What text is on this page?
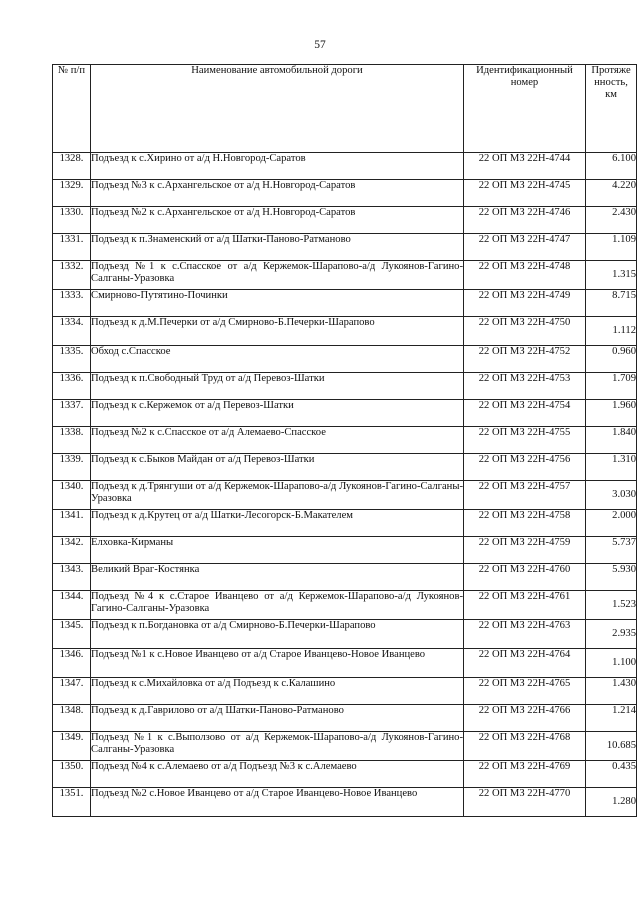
57
№ п/п	Наименование автомобильной дороги	Идентификационный номер	Протяже нность, км
1328.	Подъезд к с.Хирино от а/д Н.Новгород-Саратов	22 ОП МЗ 22Н-4744	6.100
1329.	Подъезд №3 к с.Архангельское от а/д Н.Новгород-Саратов	22 ОП МЗ 22Н-4745	4.220
1330.	Подъезд №2 к с.Архангельское от а/д Н.Новгород-Саратов	22 ОП МЗ 22Н-4746	2.430
1331.	Подъезд к п.Знаменский от а/д Шатки-Паново-Ратманово	22 ОП МЗ 22Н-4747	1.109
1332.	Подъезд №1 к с.Спасское от а/д Кержемок-Шарапово-а/д Лукоянов-Гагино-Салганы-Уразовка	22 ОП МЗ 22Н-4748	1.315
1333.	Смирново-Путятино-Починки	22 ОП МЗ 22Н-4749	8.715
1334.	Подъезд к д.М.Печерки от а/д Смирново-Б.Печерки-Шарапово	22 ОП МЗ 22Н-4750	1.112
1335.	Обход с.Спасское	22 ОП МЗ 22Н-4752	0.960
1336.	Подъезд к п.Свободный Труд от а/д Перевоз-Шатки	22 ОП МЗ 22Н-4753	1.709
1337.	Подъезд к с.Кержемок от а/д Перевоз-Шатки	22 ОП МЗ 22Н-4754	1.960
1338.	Подъезд №2 к с.Спасское от а/д Алемаево-Спасское	22 ОП МЗ 22Н-4755	1.840
1339.	Подъезд к с.Быков Майдан от а/д Перевоз-Шатки	22 ОП МЗ 22Н-4756	1.310
1340.	Подъезд к д.Трянгуши от а/д Кержемок-Шарапово-а/д Лукоянов-Гагино-Салганы-Уразовка	22 ОП МЗ 22Н-4757	3.030
1341.	Подъезд к д.Крутец от а/д Шатки-Лесогорск-Б.Макателем	22 ОП МЗ 22Н-4758	2.000
1342.	Елховка-Кирманы	22 ОП МЗ 22Н-4759	5.737
1343.	Великий Враг-Костянка	22 ОП МЗ 22Н-4760	5.930
1344.	Подъезд №4 к с.Старое Иванцево от а/д Кержемок-Шарапово-а/д Лукоянов-Гагино-Салганы-Уразовка	22 ОП МЗ 22Н-4761	1.523
1345.	Подъезд к п.Богдановка от а/д Смирново-Б.Печерки-Шарапово	22 ОП МЗ 22Н-4763	2.935
1346.	Подъезд №1 к с.Новое Иванцево от а/д Старое Иванцево-Новое Иванцево	22 ОП МЗ 22Н-4764	1.100
1347.	Подъезд к с.Михайловка от а/д Подъезд к с.Калашино	22 ОП МЗ 22Н-4765	1.430
1348.	Подъезд к д.Гаврилово от а/д Шатки-Паново-Ратманово	22 ОП МЗ 22Н-4766	1.214
1349.	Подъезд №1 к с.Выползово от а/д Кержемок-Шарапово-а/д Лукоянов-Гагино-Салганы-Уразовка	22 ОП МЗ 22Н-4768	10.685
1350.	Подъезд №4 к с.Алемаево от а/д Подъезд №3 к с.Алемаево	22 ОП МЗ 22Н-4769	0.435
1351.	Подъезд №2 с.Новое Иванцево от а/д Старое Иванцево-Новое Иванцево	22 ОП МЗ 22Н-4770	1.280
